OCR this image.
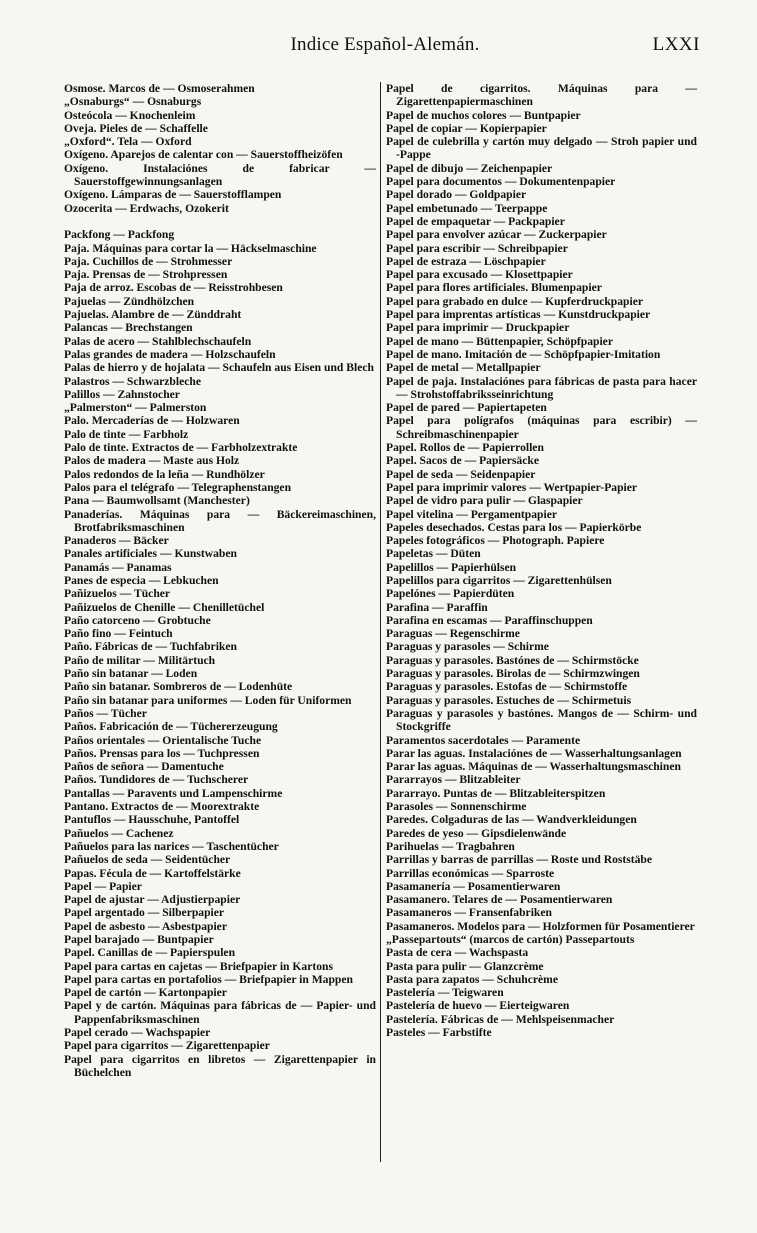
Indice Español-Alemán.	LXXI

Osmose. Marcos de — Osmoserahmen

„Osnaburgs“ — Osnaburgs

Osteócola — Knochenleim

Oveja. Pieles de — Schaffelle

„Oxford“. Tela — Oxford

Oxígeno. Aparejos de calentar con — Sauerstoffheizöfen

Oxígeno. Instalaciónes de fabricar — Sauerstoffgewinnungsanlagen

Oxígeno. Lámparas de — Sauerstofflampen

Ozocerita — Erdwachs, Ozokerit

Packfong — Packfong

Paja. Máquinas para cortar la — Häckselmaschine

Paja. Cuchillos de — Strohmesser

Paja. Prensas de — Strohpressen

Paja de arroz. Escobas de — Reisstrohbesen

Pajuelas — Zündhölzchen

Pajuelas. Alambre de — Zünddraht

Palancas — Brechstangen

Palas de acero — Stahlblechschaufeln

Palas grandes de madera — Holzschaufeln

Palas de hierro y de hojalata — Schaufeln aus Eisen und Blech

Palastros — Schwarzbleche

Palillos — Zahnstocher

„Palmerston“ — Palmerston

Palo. Mercaderías de — Holzwaren

Palo de tinte — Farbholz

Palo de tinte. Extractos de — Farbholzextrakte

Palos de madera — Maste aus Holz

Palos redondos de la leña — Rundhölzer

Palos para el telégrafo — Telegraphenstangen

Pana — Baumwollsamt (Manchester)

Panaderías. Máquinas para — Bäckereimaschinen, Brotfabriksmaschinen

Panaderos — Bäcker

Panales artificiales — Kunstwaben

Panamás — Panamas

Panes de especia — Lebkuchen

Pañizuelos — Tücher

Pañizuelos de Chenille — Chenilletüchel

Paño catorceno — Grobtuche

Paño fino — Feintuch

Paño. Fábricas de — Tuchfabriken

Paño de militar — Militärtuch

Paño sin batanar — Loden

Paño sin batanar. Sombreros de — Lodenhüte

Paño sin batanar para uniformes — Loden für Uniformen

Paños — Tücher

Paños. Fabricación de — Tüchererzeugung

Paños orientales — Orientalische Tuche

Paños. Prensas para los — Tuchpressen

Paños de señora — Damentuche

Paños. Tundidores de — Tuchscherer

Pantallas — Paravents und Lampenschirme

Pantano. Extractos de — Moorextrakte

Pantuflos — Hausschuhe, Pantoffel

Pañuelos — Cachenez

Pañuelos para las narices — Taschentücher

Pañuelos de seda — Seidentücher

Papas. Fécula de — Kartoffelstärke

Papel — Papier

Papel de ajustar — Adjustierpapier

Papel argentado — Silberpapier

Papel de asbesto — Asbestpapier

Papel barajado — Buntpapier

Papel. Canillas de — Papierspulen

Papel para cartas en cajetas — Briefpapier in Kartons

Papel para cartas en portafolios — Briefpapier in Mappen

Papel de cartón — Kartonpapier

Papel y de cartón. Máquinas para fábricas de — Papier- und Pappenfabriksmaschinen

Papel cerado — Wachspapier

Papel para cigarritos — Zigarettenpapier

Papel para cigarritos en libretos — Zigarettenpapier in Büchelchen

Papel de cigarritos. Máquinas para — Zigarettenpapiermaschinen

Papel de muchos colores — Buntpapier

Papel de copiar — Kopierpapier

Papel de culebrilla y cartón muy delgado — Stroh papier und -Pappe

Papel de dibujo — Zeichenpapier

Papel para documentos — Dokumentenpapier

Papel dorado — Goldpapier

Papel embetunado — Teerpappe

Papel de empaquetar — Packpapier

Papel para envolver azúcar — Zuckerpapier

Papel para escribir — Schreibpapier

Papel de estraza — Löschpapier

Papel para excusado — Klosettpapier

Papel para flores artificiales. Blumenpapier

Papel para grabado en dulce — Kupferdruckpapier

Papel para imprentas artísticas — Kunstdruckpapier

Papel para imprimir — Druckpapier

Papel de mano — Büttenpapier, Schöpfpapier

Papel de mano. Imitación de — Schöpfpapier-Imitation

Papel de metal — Metallpapier

Papel de paja. Instalaciónes para fábricas de pasta para hacer — Strohstoffabriksseinrichtung

Papel de pared — Papiertapeten

Papel para polígrafos (máquinas para escribir) — Schreibmaschinenpapier

Papel. Rollos de — Papierrollen

Papel. Sacos de — Papiersäcke

Papel de seda — Seidenpapier

Papel para imprimir valores — Wertpapier-Papier

Papel de vidro para pulir — Glaspapier

Papel vitelina — Pergamentpapier

Papeles desechados. Cestas para los — Papierkörbe

Papeles fotográficos — Photograph. Papiere

Papeletas — Düten

Papelillos — Papierhülsen

Papelillos para cigarritos — Zigarettenhülsen

Papelónes — Papierdüten

Parafina — Paraffin

Parafina en escamas — Paraffinschuppen

Paraguas — Regenschirme

Paraguas y parasoles — Schirme

Paraguas y parasoles. Bastónes de — Schirmstöcke

Paraguas y parasoles. Birolas de — Schirmzwingen

Paraguas y parasoles. Estofas de — Schirmstoffe

Paraguas y parasoles. Estuches de — Schirmetuis

Paraguas y parasoles y bastónes. Mangos de — Schirm- und Stockgriffe

Paramentos sacerdotales — Paramente

Parar las aguas. Instalaciónes de — Wasserhaltungsanlagen

Parar las aguas. Máquinas de — Wasserhaltungsmaschinen

Pararrayos — Blitzableiter

Pararrayo. Puntas de — Blitzableiterspitzen

Parasoles — Sonnenschirme

Paredes. Colgaduras de las — Wandverkleidungen

Paredes de yeso — Gipsdielenwände

Parihuelas — Tragbahren

Parrillas y barras de parrillas — Roste und Roststäbe

Parrillas económicas — Sparroste

Pasamanería — Posamentierwaren

Pasamanero. Telares de — Posamentierwaren

Pasamaneros — Fransenfabriken

Pasamaneros. Modelos para — Holzformen für Posamentierer

„Passepartouts“ (marcos de cartón) Passepartouts

Pasta de cera — Wachspasta

Pasta para pulir — Glanzcrème

Pasta para zapatos — Schuhcrème

Pastelería — Teigwaren

Pastelería de huevo — Eierteigwaren

Pastelería. Fábricas de — Mehlspeisenmacher

Pasteles — Farbstifte
